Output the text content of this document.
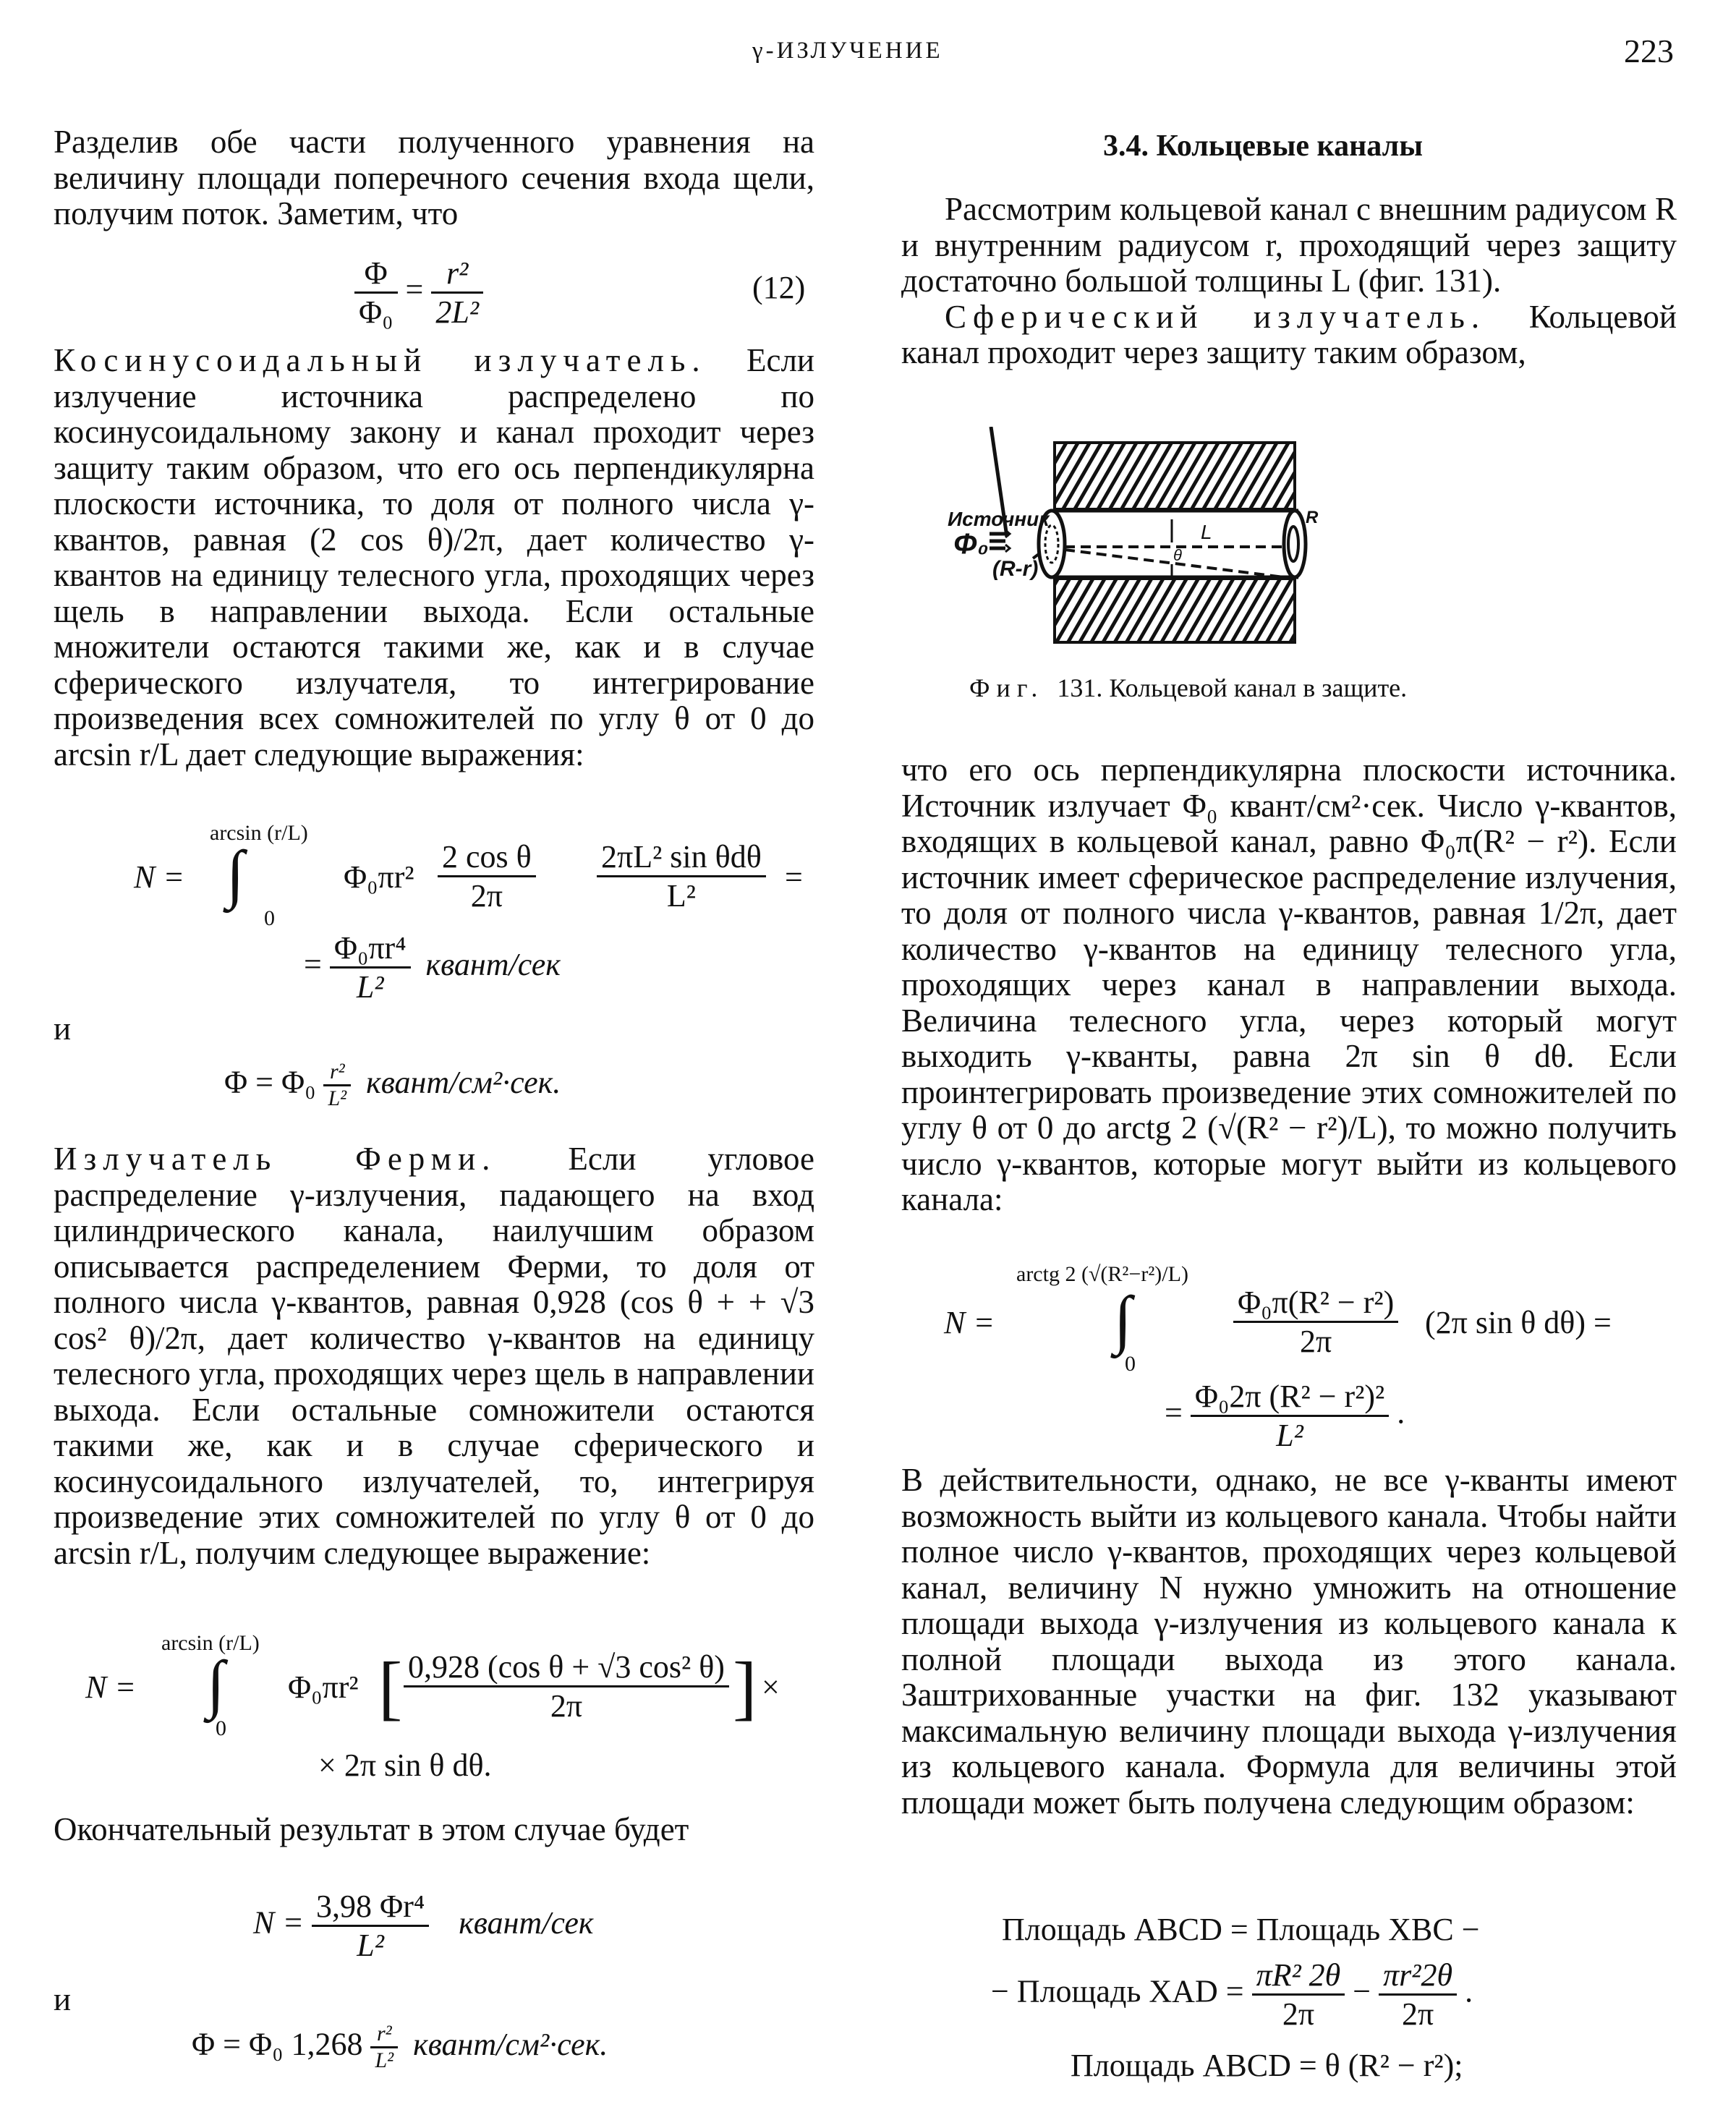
γ-ИЗЛУЧЕНИЕ	223

Разделив обе части полученного уравнения на величину площади поперечного сечения входа щели, получим поток. Заметим, что

$\frac{\Phi}{\text{Φ₀}} = \frac{\text{r²}}{\text{2L²}}$	(12)

Косинусоидальный излучатель. Если излучение источника распределено по косинусоидальному закону и канал проходит через защиту таким образом, что его ось перпендикулярна плоскости источника, то доля от полного числа γ-квантов, равная (2 cos θ)/2π, дает количество γ-квантов на единицу телесного угла, проходящих через щель в направлении выхода. Если остальные множители остаются такими же, как и в случае сферического излучателя, то интегрирование произведения всех сомножителей по углу θ от 0 до arcsin r/L дает следующие выражения:

N =
arcsin (r/L)
∫
0
$\Phi_0\pi r^2 \frac{\text{2 cos θ}}{2\pi} 2\pi L^2$ sin θdθ
L²
=
= $\frac{\text{Φ₀πr⁴}}{\text{L²}}$ квант/сек
и
$\Phi = \Phi_0 \frac{\text{r²}}{\text{L²}}$ квант/см²·сек.

Излучатель Ферми. Если угловое распределение γ-излучения, падающего на вход цилиндрического канала, наилучшим образом описывается распределением Ферми, то доля от полного числа γ-квантов, равная 0,928 (cos θ + + √3 cos² θ)/2π, дает количество γ-квантов на единицу телесного угла, проходящих через щель в направлении выхода. Если остальные сомножители остаются такими же, как и в случае сферического и косинусоидального излучателей, то, интегрируя произведение этих сомножителей по углу θ от 0 до arcsin r/L, получим следующее выражение:

N =
arcsin (r/L)
∫
0
Φ₀πr² [ $\frac{\text{0,928 (cos θ + √3 cos² θ)}}{2\pi}$ ] ×
× 2π sin θ dθ.
Окончательный результат в этом случае будет
$N = \frac{\text{3,98 Φr⁴}}{\text{L²}}$ квант/сек
и
Φ = Φ₀ $1,268 \frac{\text{r²}}{\text{L²}}$ квант/см²·сек.
3.4. Кольцевые каналы

Рассмотрим кольцевой канал с внешним радиусом R и внутренним радиусом r, проходящий через защиту достаточно большой толщины L (фиг. 131).

Сферический излучатель. Кольцевой канал проходит через защиту таким образом,

Источник
Φ₀
(R-r)
L
θ
R
Фиг. 131. Кольцевой канал в защите.

что его ось перпендикулярна плоскости источника. Источник излучает Φ₀ квант/см²·сек. Число γ-квантов, входящих в кольцевой канал, равно Φ₀π(R² − r²). Если источник имеет сферическое распределение излучения, то доля от полного числа γ-квантов, равная 1/2π, дает количество γ-квантов на единицу телесного угла, проходящих через канал в направлении выхода. Величина телесного угла, через который могут выходить γ-кванты, равна 2π sin θ dθ. Если проинтегрировать произведение этих сомножителей по углу θ от 0 до arctg 2 (√(R² − r²)/L), то можно получить число γ-квантов, которые могут выйти из кольцевого канала:

N =
arctg 2 (√(R²−r²)/L)
∫
0
$\frac{\text{Φ₀π(R² − r²)}}{2\pi} (2\pi$ sin θ dθ) =
= $\frac{\text{Φ₀2π (R² − r²)²}}{\text{L²}}$ .

В действительности, однако, не все γ-кванты имеют возможность выйти из кольцевого канала. Чтобы найти полное число γ-квантов, проходящих через кольцевой канал, величину N нужно умножить на отношение площади выхода γ-излучения из кольцевого канала к полной площади выхода из этого канала. Заштрихованные участки на фиг. 132 указывают максимальную величину площади выхода γ-излучения из кольцевого канала. Формула для величины этой площади может быть получена следующим образом:

Площадь ABCD = Площадь XBC −
− Площадь XAD = $\frac{\text{πR² 2θ}}{2\pi} - \frac{\text{πr²2θ}}{2\pi}$ .
Площадь ABCD = θ (R² − r²);
